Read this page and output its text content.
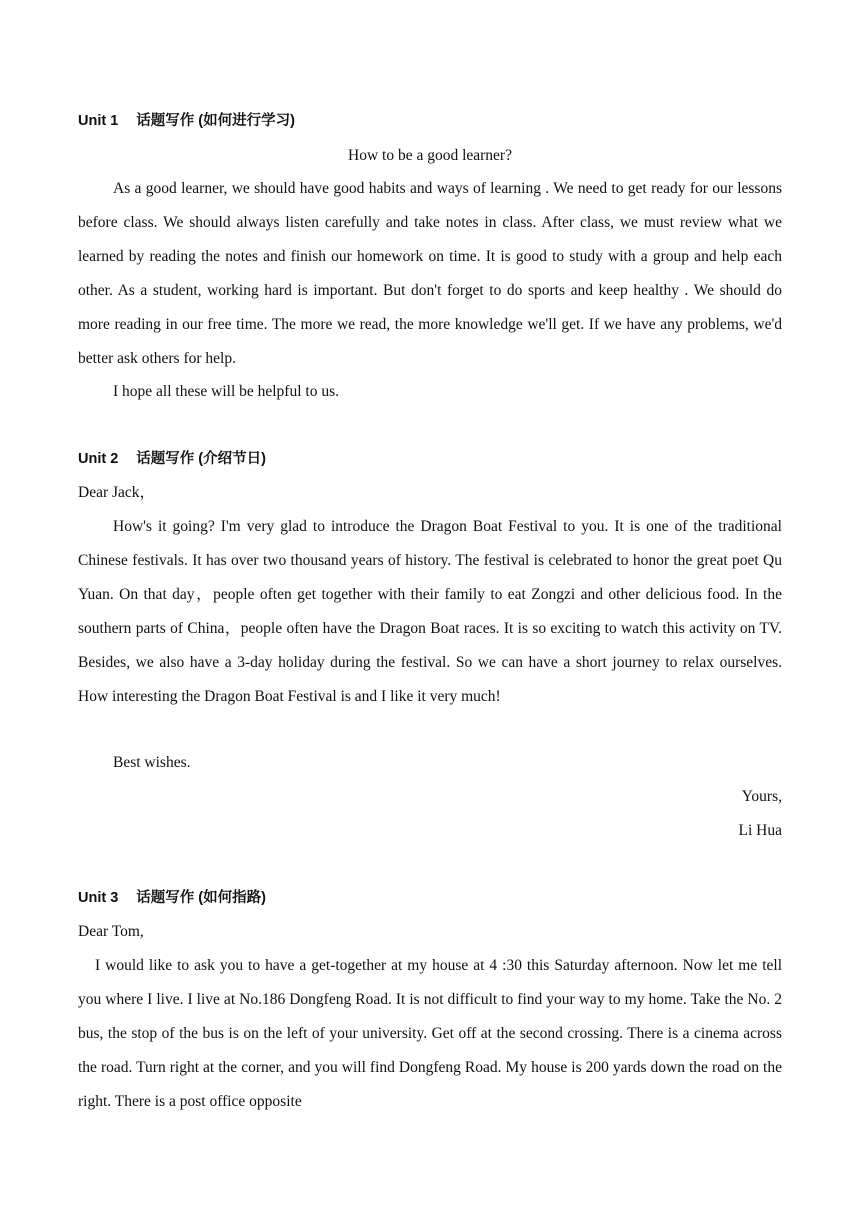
Unit 1 话题写作 (如何进行学习)
How to be a good learner?

As a good learner, we should have good habits and ways of learning . We need to get ready for our lessons before class. We should always listen carefully and take notes in class. After class, we must review what we learned by reading the notes and finish our homework on time. It is good to study with a group and help each other. As a student, working hard is important. But don't forget to do sports and keep healthy . We should do more reading in our free time. The more we read, the more knowledge we'll get. If we have any problems, we'd better ask others for help.

I hope all these will be helpful to us.
Unit 2 话题写作 (介绍节日)
Dear Jack，

How's it going? I'm very glad to introduce the Dragon Boat Festival to you. It is one of the traditional Chinese festivals. It has over two thousand years of history. The festival is celebrated to honor the great poet Qu Yuan. On that day，people often get together with their family to eat Zongzi and other delicious food. In the southern parts of China，people often have the Dragon Boat races. It is so exciting to watch this activity on TV. Besides, we also have a 3-day holiday during the festival. So we can have a short journey to relax ourselves. How interesting the Dragon Boat Festival is and I like it very much!

Best wishes.
Yours,
Li Hua
Unit 3 话题写作 (如何指路)
Dear Tom,

I would like to ask you to have a get-together at my house at 4 :30 this Saturday afternoon. Now let me tell you where I live. I live at No.186 Dongfeng Road. It is not difficult to find your way to my home. Take the No. 2 bus, the stop of the bus is on the left of your university. Get off at the second crossing. There is a cinema across the road. Turn right at the corner, and you will find Dongfeng Road. My house is 200 yards down the road on the right. There is a post office opposite
